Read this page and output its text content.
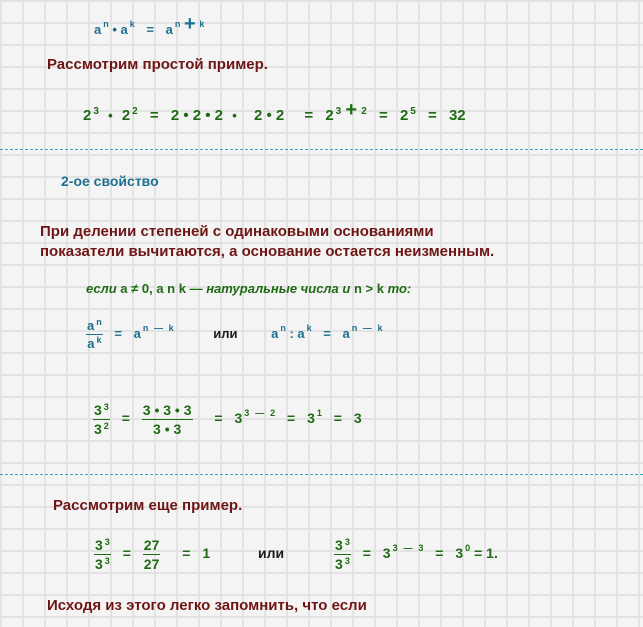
a $^n$ • a $^k$ = a $^n$ + $^k$
Рассмотрим простой пример.
2 $^3$ • 2 $^2$ = 2 • 2 • 2 • 2 • 2 = 2 $^3$ + $^2$ = 2 $^5$ = 32
2-ое свойство
При делении степеней с одинаковыми основаниями
показатели вычитаются, а основание остается неизменным.
если a ≠ 0, a n k — натуральные числа и n > k то:
$\frac{a ^n}{a ^k} = a$ $^n$ — $^k$	или	a $^n$ : a $^k$ = a $^n$ — $^k$
$\frac{3 ^3}{3 ^2} = \frac{3 • 3 • 3}{3 • 3} = 3$ $^3$ — $^2$ = 3 $^1$ = 3
Рассмотрим еще пример.
$\frac{3 ^3}{3 ^3} = \frac{27}{27} = 1$	или	$\frac{3 ^3}{3 ^3} = 3$ $^3$ — $^3$ = 3 $^0$ = 1.
Исходя из этого легко запомнить, что если
